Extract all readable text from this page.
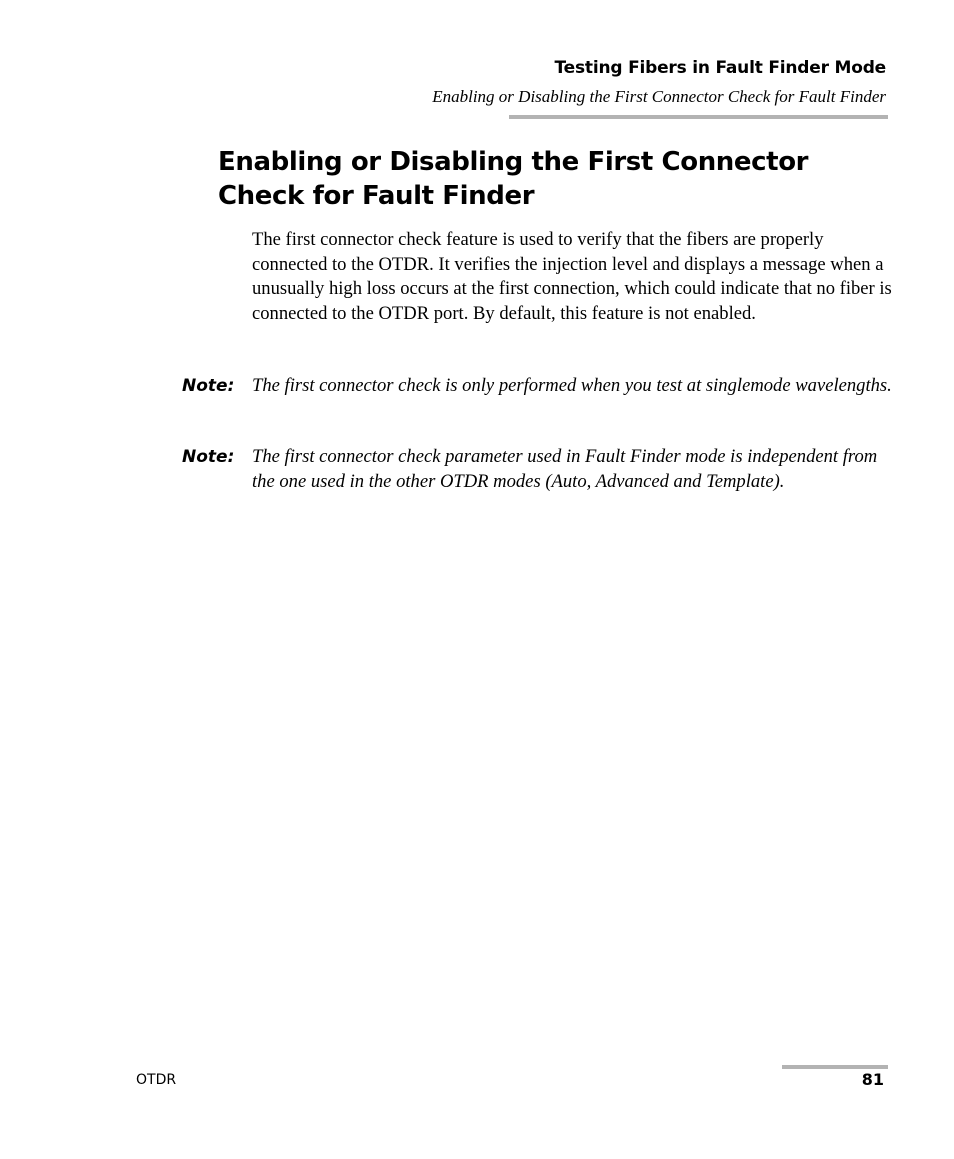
Testing Fibers in Fault Finder Mode
Enabling or Disabling the First Connector Check for Fault Finder
Enabling or Disabling the First Connector Check for Fault Finder

The first connector check feature is used to verify that the fibers are properly connected to the OTDR. It verifies the injection level and displays a message when a unusually high loss occurs at the first connection, which could indicate that no fiber is connected to the OTDR port. By default, this feature is not enabled.

Note: The first connector check is only performed when you test at singlemode wavelengths.

Note: The first connector check parameter used in Fault Finder mode is independent from the one used in the other OTDR modes (Auto, Advanced and Template).

OTDR	81
